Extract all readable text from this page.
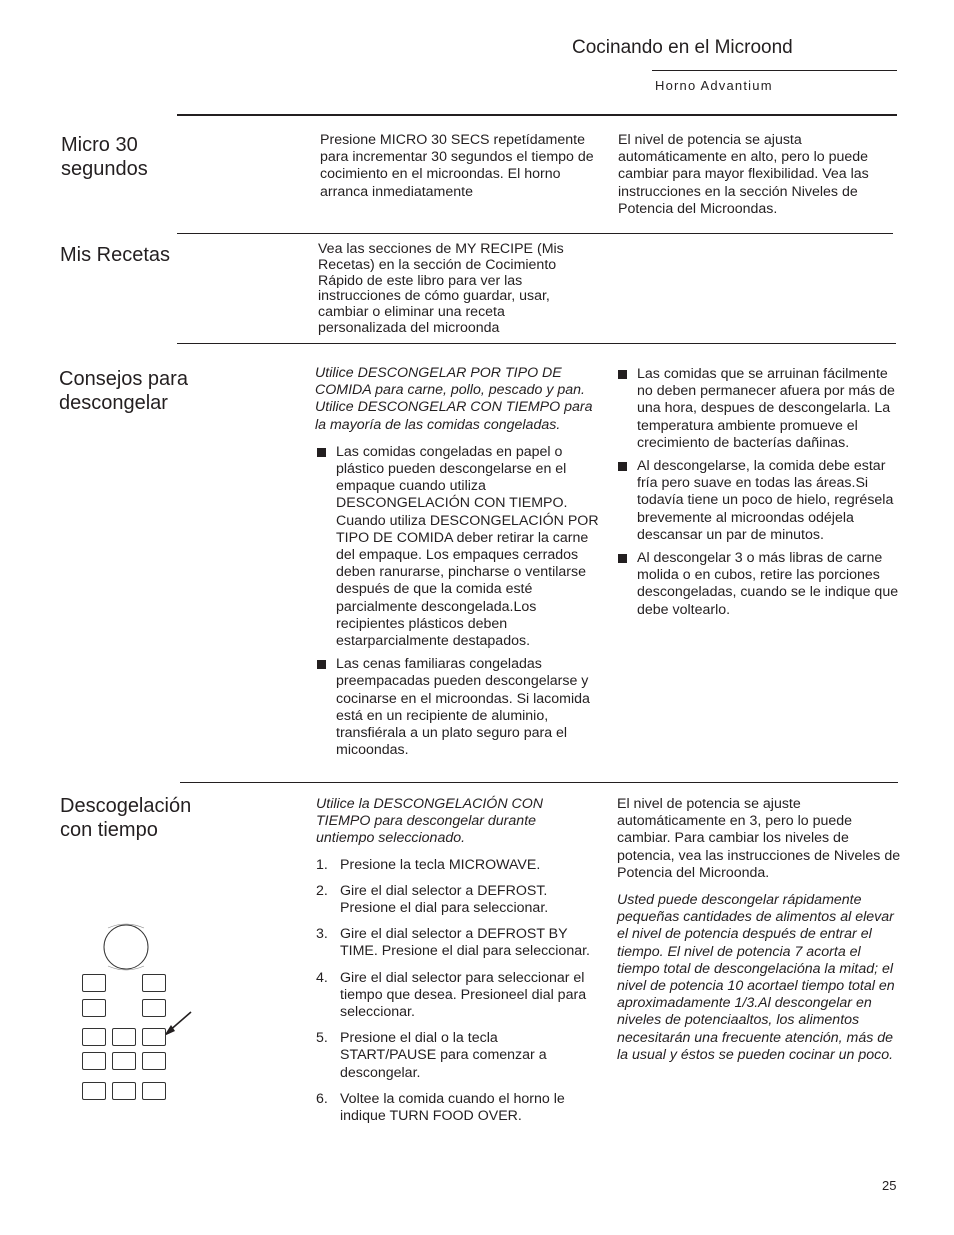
Cocinando en el Microond
Horno Advantium
Micro 30 segundos
Presione MICRO 30 SECS repetídamente para incrementar 30 segundos el tiempo de cocimiento en el microondas. El horno arranca inmediatamente
El nivel de potencia se ajusta automáticamente en alto, pero lo puede cambiar para mayor flexibilidad. Vea las instrucciones en la sección Niveles de Potencia del Microondas.
Mis Recetas	Vea las secciones de MY RECIPE (Mis Recetas) en la sección de Cocimiento Rápido de este libro para ver las instrucciones de cómo guardar, usar, cambiar o eliminar una receta personalizada del microonda
Consejos para descongelar

Utilice DESCONGELAR POR TIPO DE COMIDA para carne, pollo, pescado y pan. Utilice DESCONGELAR CON TIEMPO para la mayoría de las comidas congeladas.

Las comidas congeladas en papel o plástico pueden descongelarse en el empaque cuando utiliza DESCONGELACIÓN CON TIEMPO. Cuando utiliza DESCONGELACIÓN POR TIPO DE COMIDA deber retirar la carne del empaque. Los empaques cerrados deben ranurarse, pincharse o ventilarse después de que la comida esté parcialmente descongelada.Los recipientes plásticos deben estarparcialmente destapados.
Las cenas familiaras congeladas preempacadas pueden descongelarse y cocinarse en el microondas. Si lacomida está en un recipiente de aluminio, transfiérala a un plato seguro para el micoondas.
Las comidas que se arruinan fácilmente no deben permanecer afuera por más de una hora, despues de descongelarla. La temperatura ambiente promueve el crecimiento de bacterías dañinas.
Al descongelarse, la comida debe estar fría pero suave en todas las áreas.Si todavía tiene un poco de hielo, regrésela brevemente al microondas odéjela descansar un par de minutos.
Al descongelar 3 o más libras de carne molida o en cubos, retire las porciones descongeladas, cuando se le indique que debe voltearlo.
Descogelación con tiempo

Utilice la DESCONGELACIÓN CON TIEMPO para descongelar durante untiempo seleccionado.

1. Presione la tecla MICROWAVE.
2. Gire el dial selector a DEFROST. Presione el dial para seleccionar.
3. Gire el dial selector a DEFROST BY TIME. Presione el dial para seleccionar.
4. Gire el dial selector para seleccionar el tiempo que desea. Presioneel dial para seleccionar.
5. Presione el dial o la tecla START/PAUSE para comenzar a descongelar.
6. Voltee la comida cuando el horno le indique TURN FOOD OVER.

El nivel de potencia se ajuste automáticamente en 3, pero lo puede cambiar. Para cambiar los niveles de potencia, vea las instrucciones de Niveles de Potencia del Microonda.

Usted puede descongelar rápidamente pequeñas cantidades de alimentos al elevar el nivel de potencia después de entrar el tiempo. El nivel de potencia 7 acorta el tiempo total de descongelacióna la mitad; el nivel de potencia 10 acortael tiempo total en aproximadamente 1/3.Al descongelar en niveles de potenciaaltos, los alimentos necesitarán una frecuente atención, más de la usual y éstos se pueden cocinar un poco.

25
